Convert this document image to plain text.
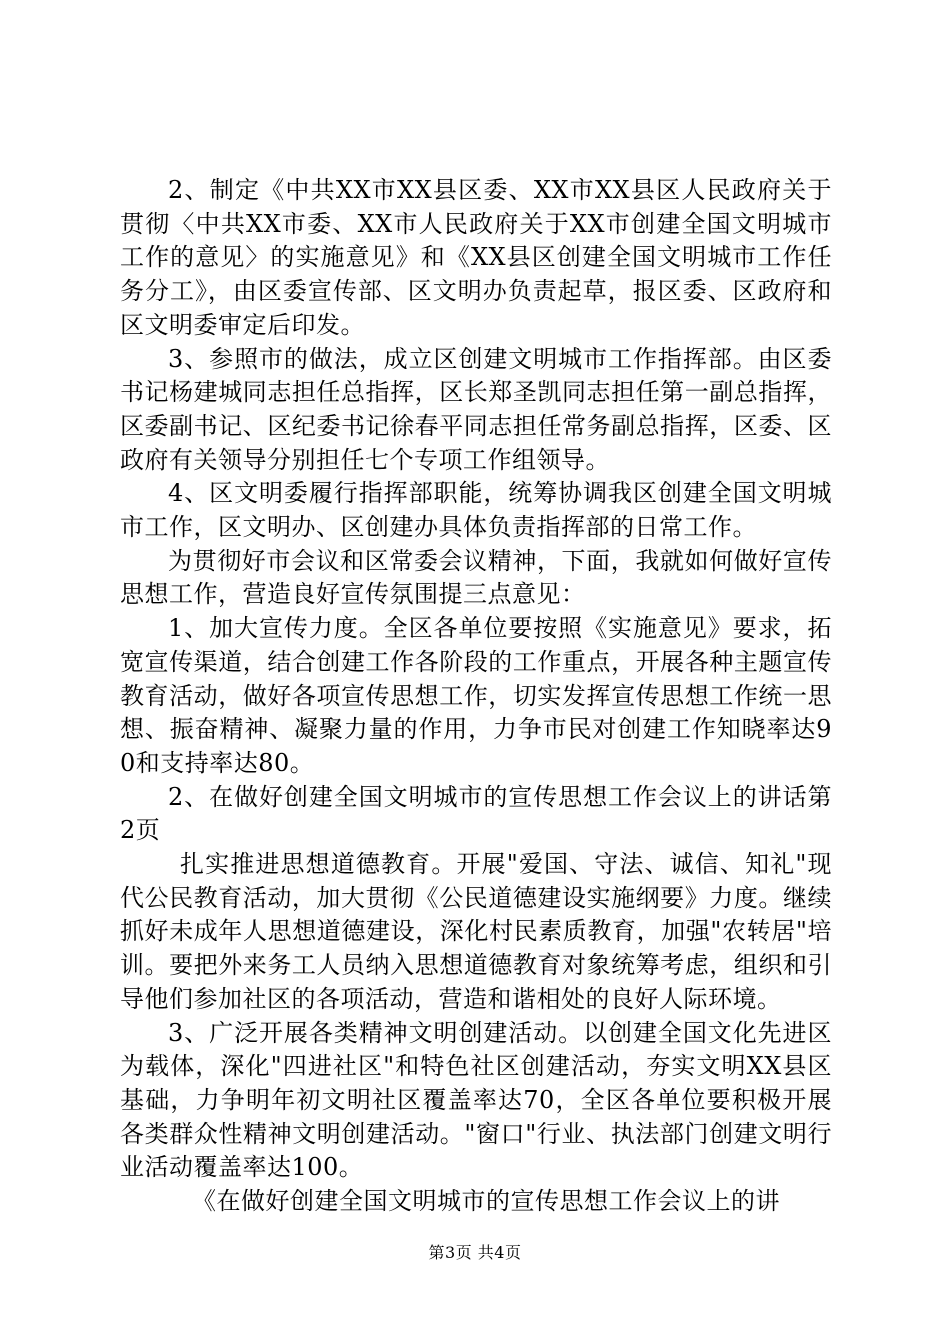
2、制定《中共XX市XX县区委、XX市XX县区人民政府关于贯彻〈中共XX市委、XX市人民政府关于XX市创建全国文明城市工作的意见〉的实施意见》和《XX县区创建全国文明城市工作任务分工》，由区委宣传部、区文明办负责起草，报区委、区政府和区文明委审定后印发。

3、参照市的做法，成立区创建文明城市工作指挥部。由区委书记杨建城同志担任总指挥，区长郑圣凯同志担任第一副总指挥，区委副书记、区纪委书记徐春平同志担任常务副总指挥，区委、区政府有关领导分别担任七个专项工作组领导。

4、区文明委履行指挥部职能，统筹协调我区创建全国文明城市工作，区文明办、区创建办具体负责指挥部的日常工作。

为贯彻好市会议和区常委会议精神，下面，我就如何做好宣传思想工作，营造良好宣传氛围提三点意见：

1、加大宣传力度。全区各单位要按照《实施意见》要求，拓宽宣传渠道，结合创建工作各阶段的工作重点，开展各种主题宣传教育活动，做好各项宣传思想工作，切实发挥宣传思想工作统一思想、振奋精神、凝聚力量的作用，力争市民对创建工作知晓率达90和支持率达80。

2、在做好创建全国文明城市的宣传思想工作会议上的讲话第2页

扎实推进思想道德教育。开展"爱国、守法、诚信、知礼"现代公民教育活动，加大贯彻《公民道德建设实施纲要》力度。继续抓好未成年人思想道德建设，深化村民素质教育，加强"农转居"培训。要把外来务工人员纳入思想道德教育对象统筹考虑，组织和引导他们参加社区的各项活动，营造和谐相处的良好人际环境。

3、广泛开展各类精神文明创建活动。以创建全国文化先进区为载体，深化"四进社区"和特色社区创建活动，夯实文明XX县区基础，力争明年初文明社区覆盖率达70，全区各单位要积极开展各类群众性精神文明创建活动。"窗口"行业、执法部门创建文明行业活动覆盖率达100。

《在做好创建全国文明城市的宣传思想工作会议上的讲

第3页 共4页
